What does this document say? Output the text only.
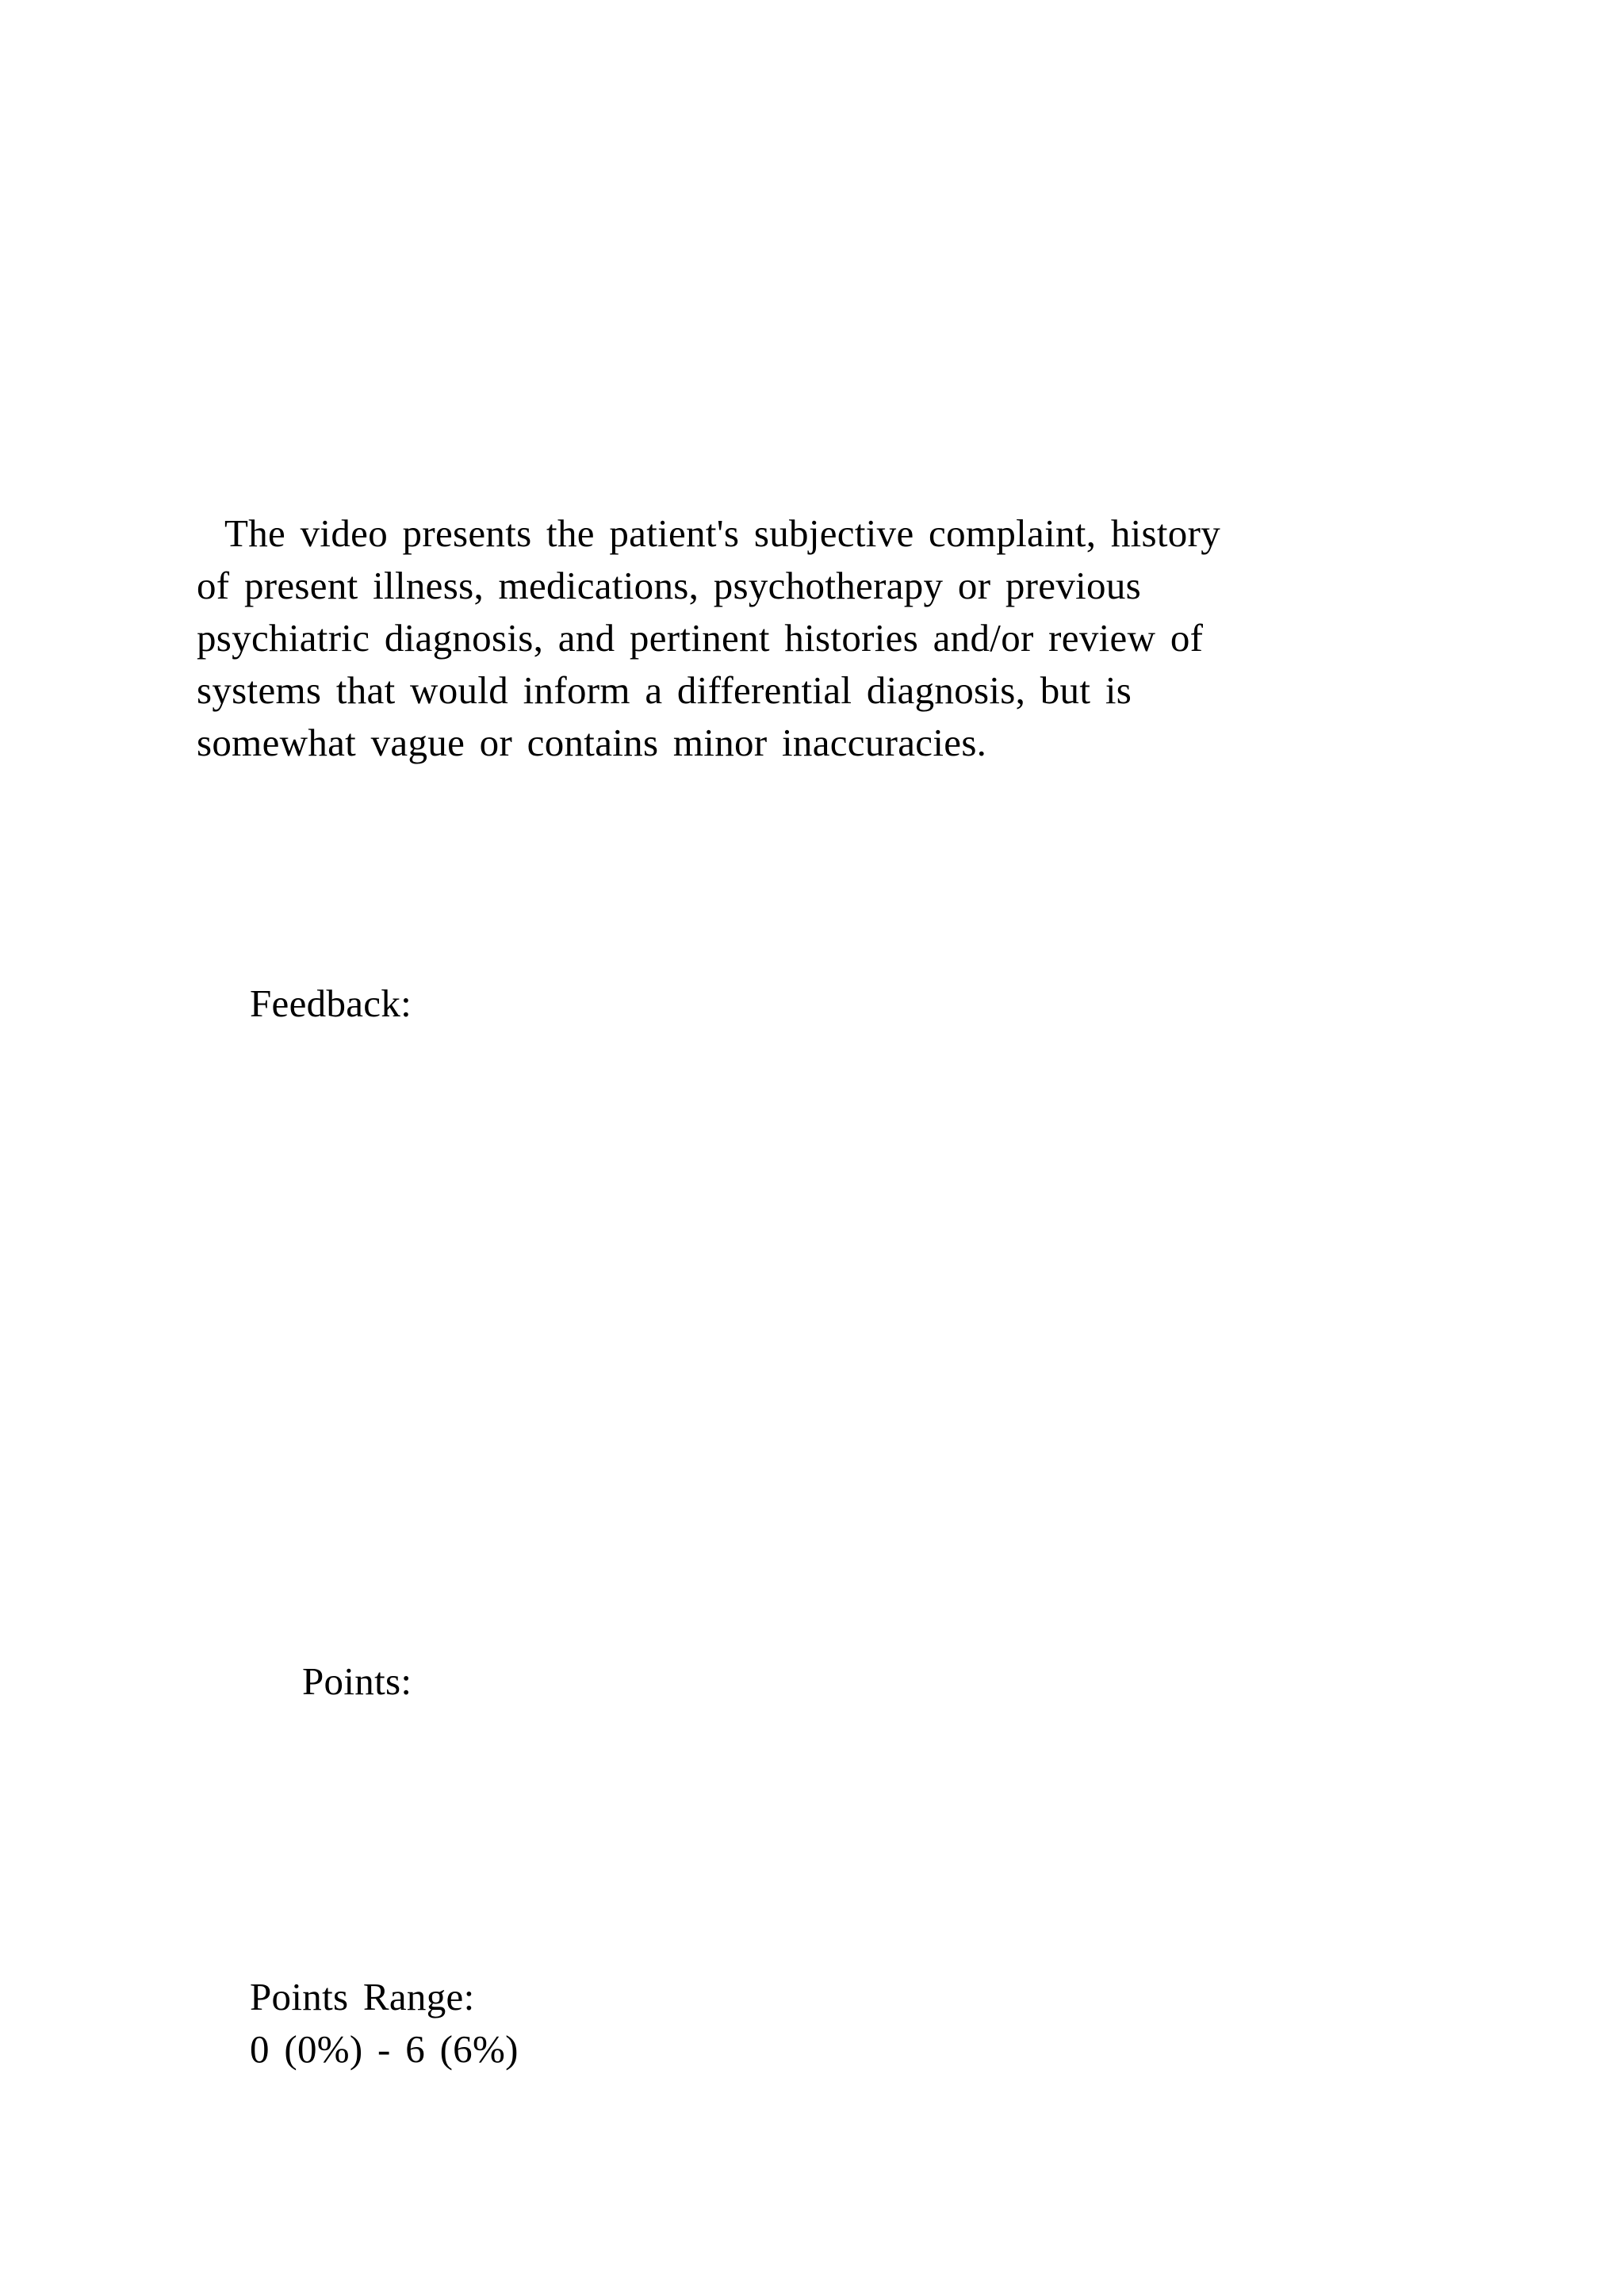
The video presents the patient's subjective complaint, history
of present illness, medications, psychotherapy or previous
psychiatric diagnosis, and pertinent histories and/or review of
systems that would inform a differential diagnosis, but is
somewhat vague or contains minor inaccuracies.
Feedback:
Points:
Points Range:
0 (0%) - 6 (6%)
